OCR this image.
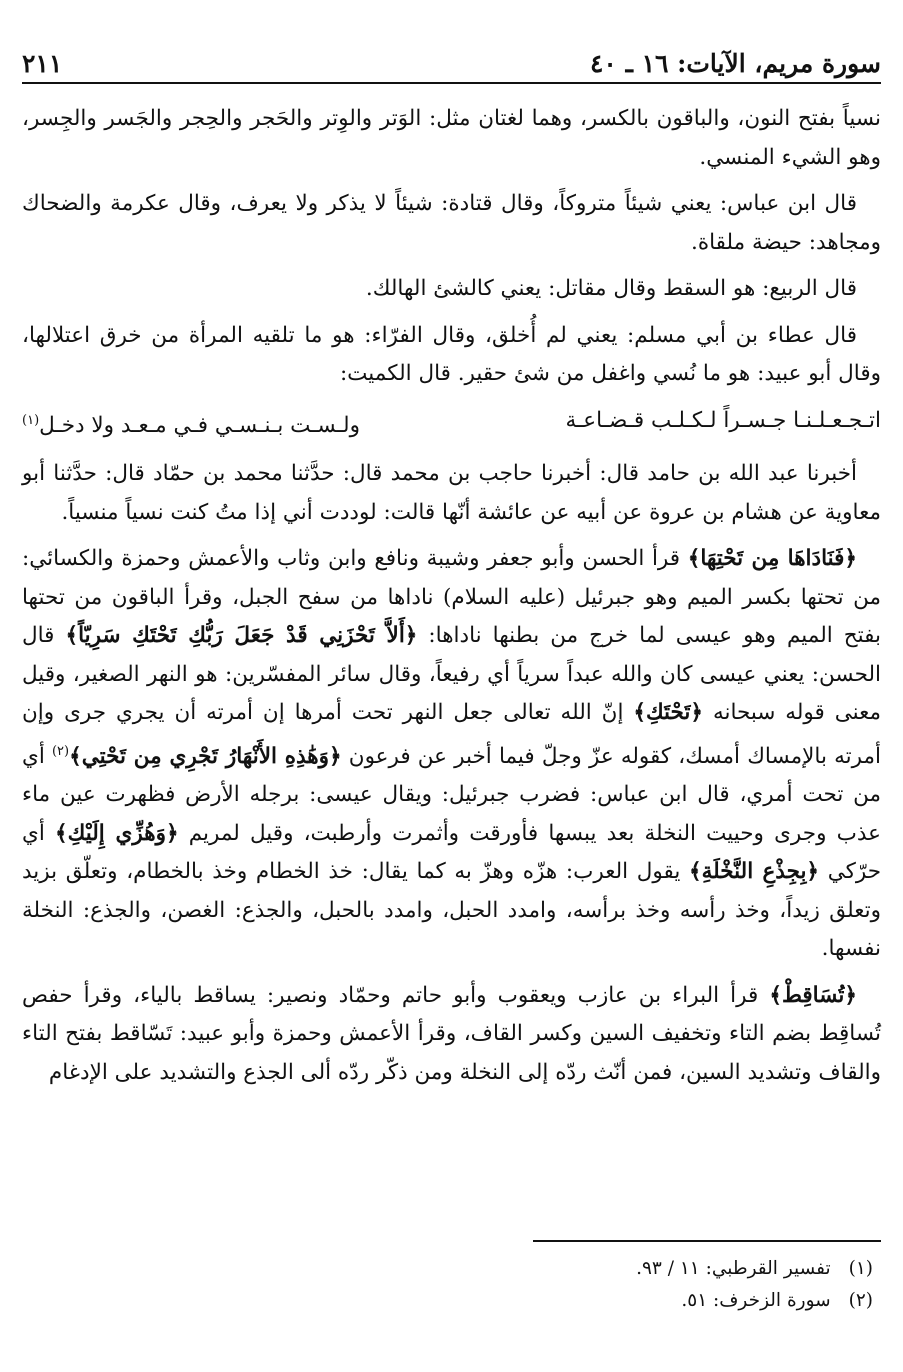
سورة مريم، الآيات: ١٦ ـ ٤٠
٢١١

نسياً بفتح النون، والباقون بالكسر، وهما لغتان مثل: الوَتر والوِتر والحَجر والحِجر والجَسر والجِسر، وهو الشيء المنسي.

قال ابن عباس: يعني شيئاً متروكاً، وقال قتادة: شيئاً لا يذكر ولا يعرف، وقال عكرمة والضحاك ومجاهد: حيضة ملقاة.

قال الربيع: هو السقط وقال مقاتل: يعني كالشئ الهالك.

قال عطاء بن أبي مسلم: يعني لم أُخلق، وقال الفرّاء: هو ما تلقيه المرأة من خرق اعتلالها، وقال أبو عبيد: هو ما نُسي واغفل من شئ حقير. قال الكميت:

اتـجـعـلـنـا جـسـراً لـكـلـب قـضـاعـة
ولـسـت بـنـسـي فـي مـعـد ولا دخـل$^{(١)}$

أخبرنا عبد الله بن حامد قال: أخبرنا حاجب بن محمد قال: حدَّثنا محمد بن حمّاد قال: حدَّثنا أبو معاوية عن هشام بن عروة عن أبيه عن عائشة أنّها قالت: لوددت أني إذا متُ كنت نسياً منسياً.

﴿فَنَادَاهَا مِن تَحْتِهَا﴾ قرأ الحسن وأبو جعفر وشيبة ونافع وابن وثاب والأعمش وحمزة والكسائي: من تحتها بكسر الميم وهو جبرئيل (عليه السلام) ناداها من سفح الجبل، وقرأ الباقون من تحتها بفتح الميم وهو عيسى لما خرج من بطنها ناداها: ﴿أَلاَّ تَحْزَنِي قَدْ جَعَلَ رَبُّكِ تَحْتَكِ سَرِيّاً﴾ قال الحسن: يعني عيسى كان والله عبداً سرياً أي رفيعاً، وقال سائر المفسّرين: هو النهر الصغير، وقيل معنى قوله سبحانه ﴿تَحْتَكِ﴾ إنّ الله تعالى جعل النهر تحت أمرها إن أمرته أن يجري جرى وإن أمرته بالإمساك أمسك، كقوله عزّ وجلّ فيما أخبر عن فرعون ﴿وَهَٰذِهِ الأَنْهَارُ تَجْرِي مِن تَحْتِي﴾$^{(٢)}$ أي من تحت أمري، قال ابن عباس: فضرب جبرئيل: ويقال عيسى: برجله الأرض فظهرت عين ماء عذب وجرى وحييت النخلة بعد يبسها فأورقت وأثمرت وأرطبت، وقيل لمريم ﴿وَهُزِّي إِلَيْكِ﴾ أي حرّكي ﴿بِجِذْعِ النَّخْلَةِ﴾ يقول العرب: هزّه وهزّ به كما يقال: خذ الخطام وخذ بالخطام، وتعلّق بزيد وتعلق زيداً، وخذ رأسه وخذ برأسه، وامدد الحبل، وامدد بالحبل، والجذع: الغصن، والجذع: النخلة نفسها.

﴿تُسَاقِطْ﴾ قرأ البراء بن عازب ويعقوب وأبو حاتم وحمّاد ونصير: يساقط بالياء، وقرأ حفص تُساقِط بضم التاء وتخفيف السين وكسر القاف، وقرأ الأعمش وحمزة وأبو عبيد: تَسّاقط بفتح التاء والقاف وتشديد السين، فمن أنّث ردّه إلى النخلة ومن ذكّر ردّه ألى الجذع والتشديد على الإدغام

(١)
تفسير القرطبي: ١١ / ٩٣.
(٢)
سورة الزخرف: ٥١.
